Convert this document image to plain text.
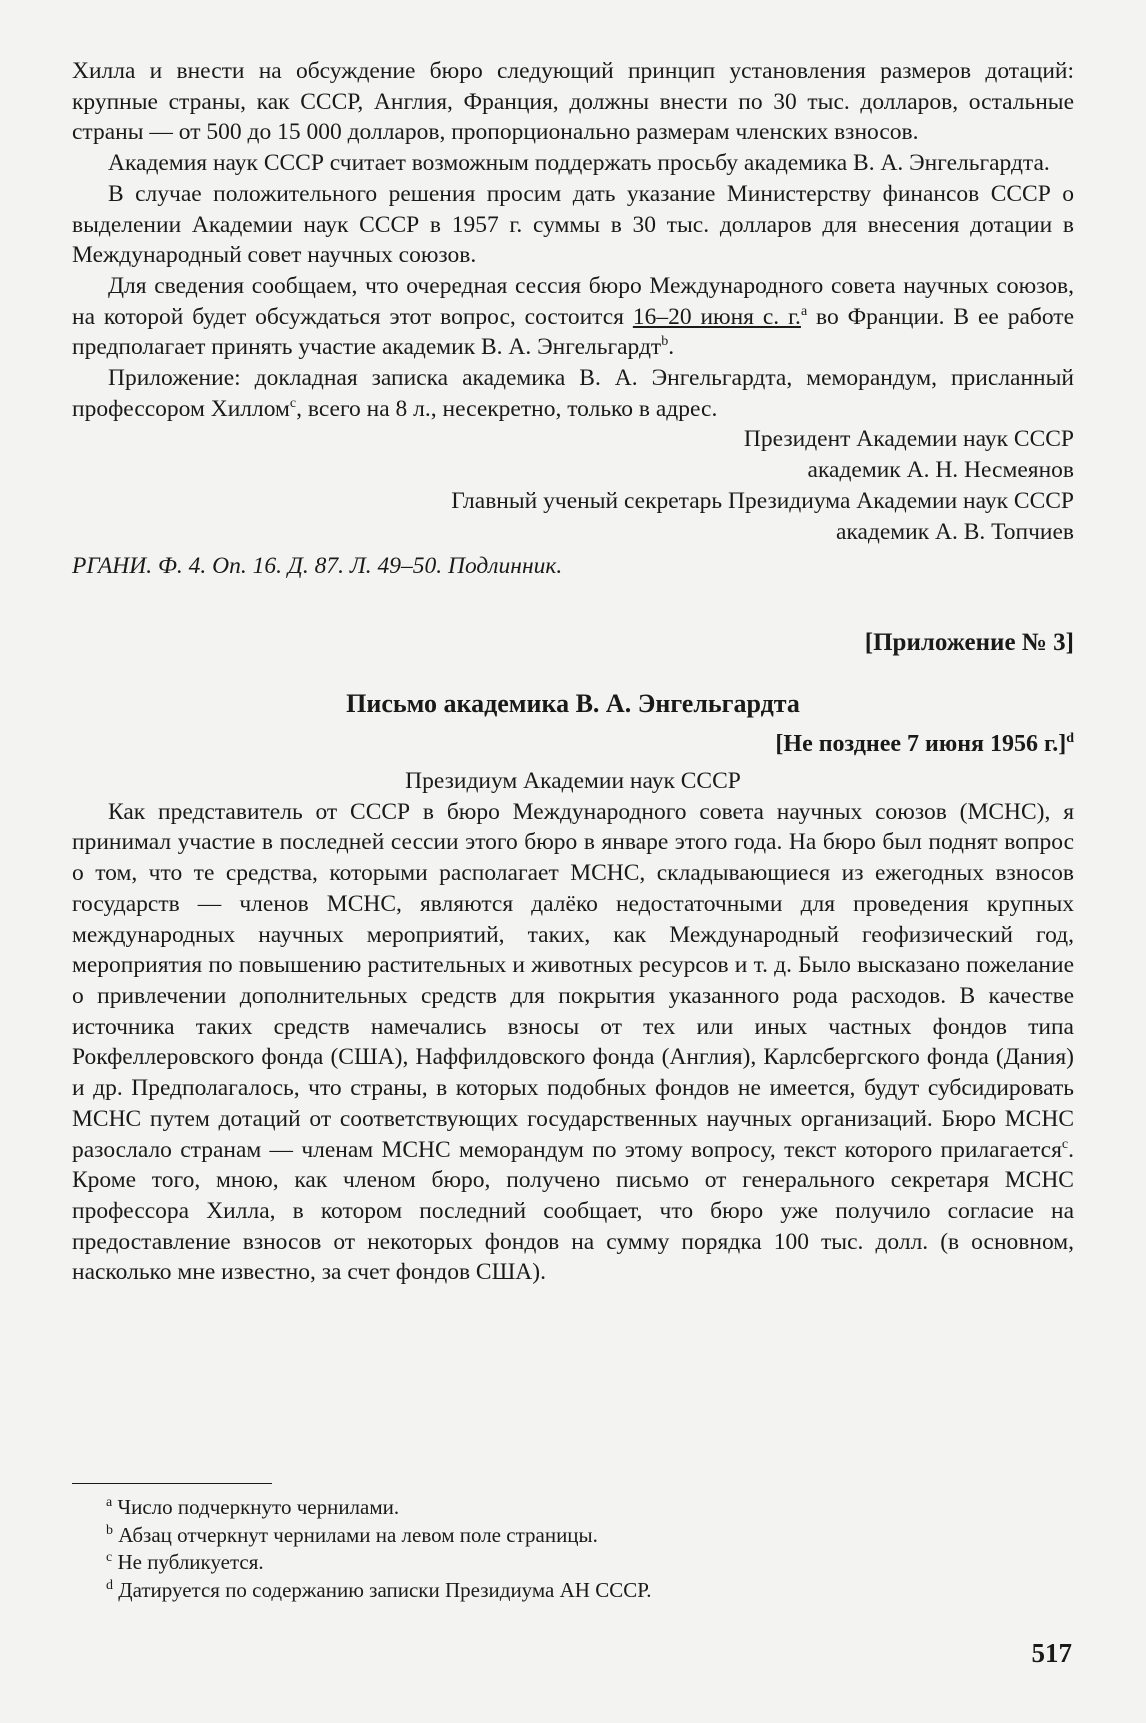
Хилла и внести на обсуждение бюро следующий принцип установления размеров дотаций: крупные страны, как СССР, Англия, Франция, должны внести по 30 тыс. долларов, остальные страны — от 500 до 15 000 долларов, пропорционально размерам членских взносов.

Академия наук СССР считает возможным поддержать просьбу академика В. А. Энгельгардта.

В случае положительного решения просим дать указание Министерству финансов СССР о выделении Академии наук СССР в 1957 г. суммы в 30 тыс. долларов для внесения дотации в Международный совет научных союзов.

Для сведения сообщаем, что очередная сессия бюро Международного совета научных союзов, на которой будет обсуждаться этот вопрос, состоится 16–20 июня с. г.$^a$ во Франции. В ее работе предполагает принять участие академик В. А. Энгельгардт$^b$.

Приложение: докладная записка академика В. А. Энгельгардта, меморандум, присланный профессором Хиллом$^c$, всего на 8 л., несекретно, только в адрес.

Президент Академии наук СССР

академик А. Н. Несмеянов

Главный ученый секретарь Президиума Академии наук СССР

академик А. В. Топчиев

РГАНИ. Ф. 4. Оп. 16. Д. 87. Л. 49–50. Подлинник.

[Приложение № 3]

Письмо академика В. А. Энгельгардта

[Не позднее 7 июня 1956 г.]$^d$

Президиум Академии наук СССР

Как представитель от СССР в бюро Международного совета научных союзов (МСНС), я принимал участие в последней сессии этого бюро в январе этого года. На бюро был поднят вопрос о том, что те средства, которыми располагает МСНС, складывающиеся из ежегодных взносов государств — членов МСНС, являются далёко недостаточными для проведения крупных международных научных мероприятий, таких, как Международный геофизический год, мероприятия по повышению растительных и животных ресурсов и т. д. Было высказано пожелание о привлечении дополнительных средств для покрытия указанного рода расходов. В качестве источника таких средств намечались взносы от тех или иных частных фондов типа Рокфеллеровского фонда (США), Наффилдовского фонда (Англия), Карлсбергского фонда (Дания) и др. Предполагалось, что страны, в которых подобных фондов не имеется, будут субсидировать МСНС путем дотаций от соответствующих государственных научных организаций. Бюро МСНС разослало странам — членам МСНС меморандум по этому вопросу, текст которого прилагается$^c$. Кроме того, мною, как членом бюро, получено письмо от генерального секретаря МСНС профессора Хилла, в котором последний сообщает, что бюро уже получило согласие на предоставление взносов от некоторых фондов на сумму порядка 100 тыс. долл. (в основном, насколько мне известно, за счет фондов США).

$^a$ Число подчеркнуто чернилами.
$^b$ Абзац отчеркнут чернилами на левом поле страницы.
$^c$ Не публикуется.
$^d$ Датируется по содержанию записки Президиума АН СССР.
517
